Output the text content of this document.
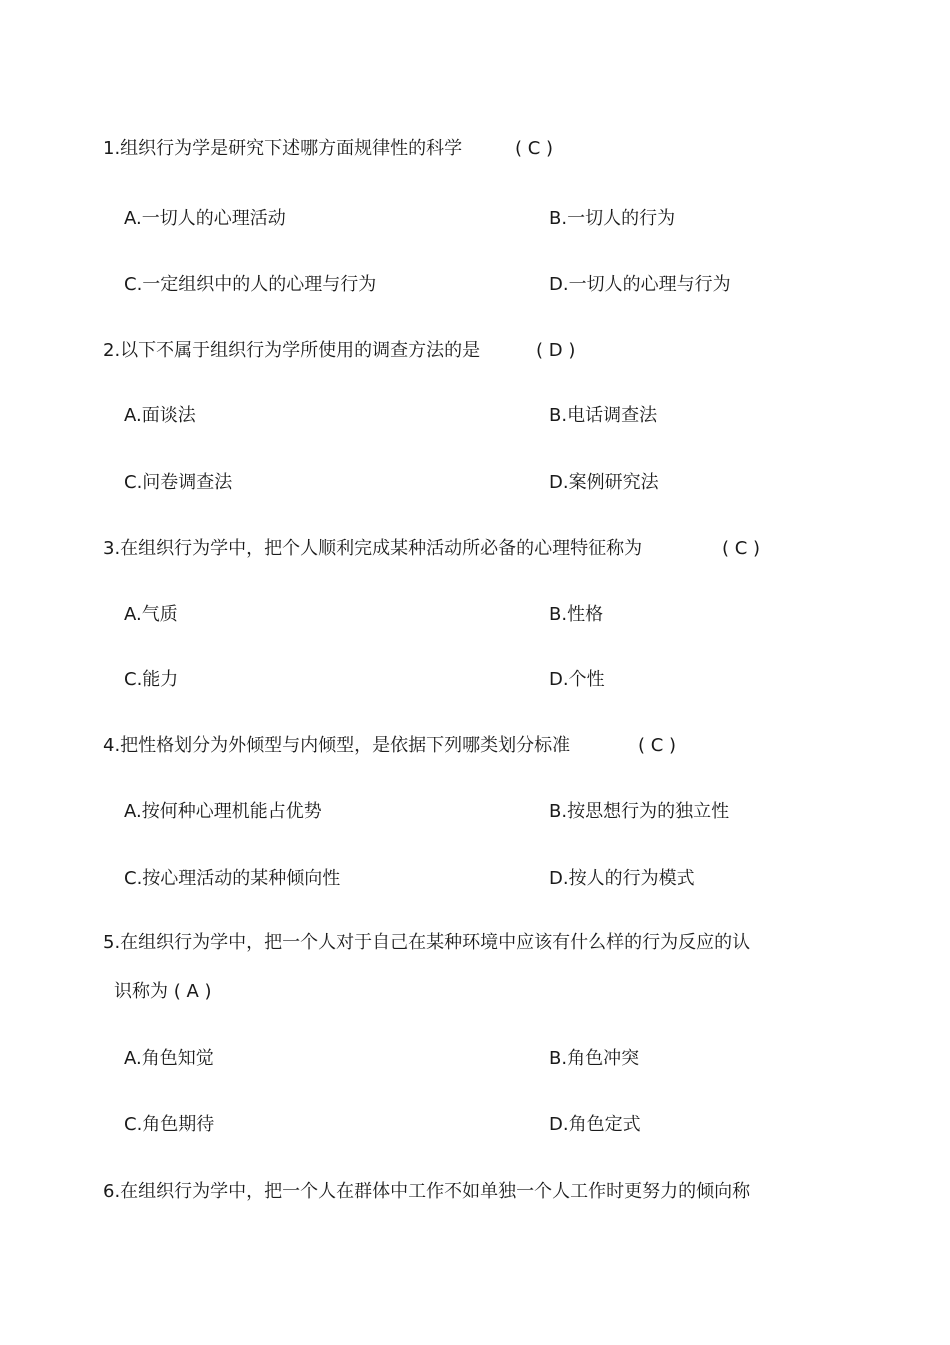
1.组织行为学是研究下述哪方面规律性的科学	( C )
A.一切人的心理活动	B.一切人的行为
C.一定组织中的人的心理与行为	D.一切人的心理与行为
2.以下不属于组织行为学所使用的调查方法的是	( D )
A.面谈法	B.电话调查法
C.问卷调查法	D.案例研究法
3.在组织行为学中，把个人顺利完成某种活动所必备的心理特征称为	( C )
A.气质	B.性格
C.能力	D.个性
4.把性格划分为外倾型与内倾型，是依据下列哪类划分标准	( C )
A.按何种心理机能占优势	B.按思想行为的独立性
C.按心理活动的某种倾向性	D.按人的行为模式
5.在组织行为学中，把一个人对于自己在某种环境中应该有什么样的行为反应的认
识称为 ( A )
A.角色知觉	B.角色冲突
C.角色期待	D.角色定式
6.在组织行为学中，把一个人在群体中工作不如单独一个人工作时更努力的倾向称
